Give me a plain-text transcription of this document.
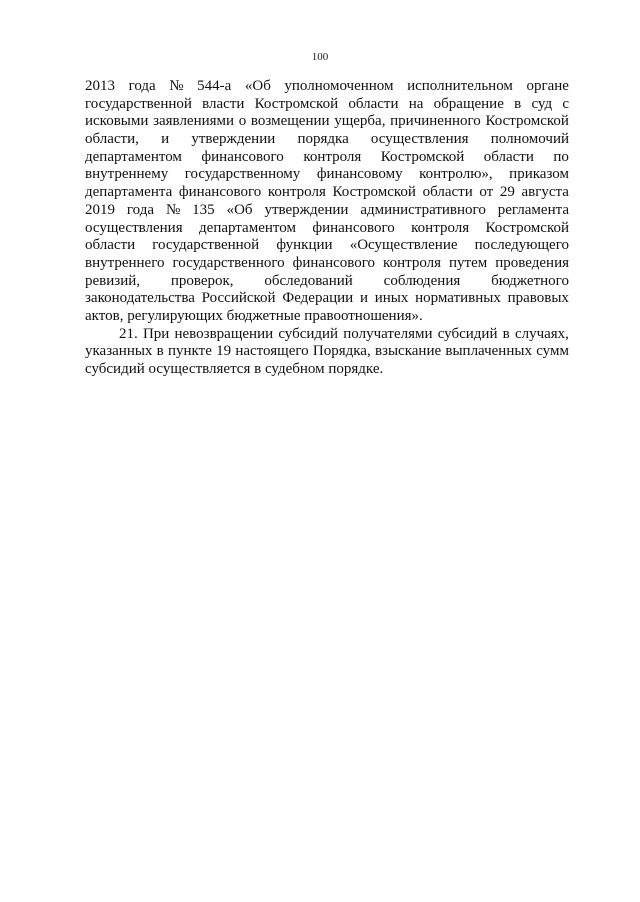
100
2013 года № 544-а «Об уполномоченном исполнительном органе
государственной власти Костромской области на обращение в суд с
исковыми заявлениями о возмещении ущерба, причиненного Костромской
области, и утверждении порядка осуществления полномочий
департаментом финансового контроля Костромской области по
внутреннему государственному финансовому контролю», приказом
департамента финансового контроля Костромской области от 29 августа
2019 года № 135 «Об утверждении административного регламента
осуществления департаментом финансового контроля Костромской
области государственной функции «Осуществление последующего
внутреннего государственного финансового контроля путем проведения
ревизий, проверок, обследований соблюдения бюджетного
законодательства Российской Федерации и иных нормативных правовых
актов, регулирующих бюджетные правоотношения».
21. При невозвращении субсидий получателями субсидий в случаях,
указанных в пункте 19 настоящего Порядка, взыскание выплаченных сумм
субсидий осуществляется в судебном порядке.
